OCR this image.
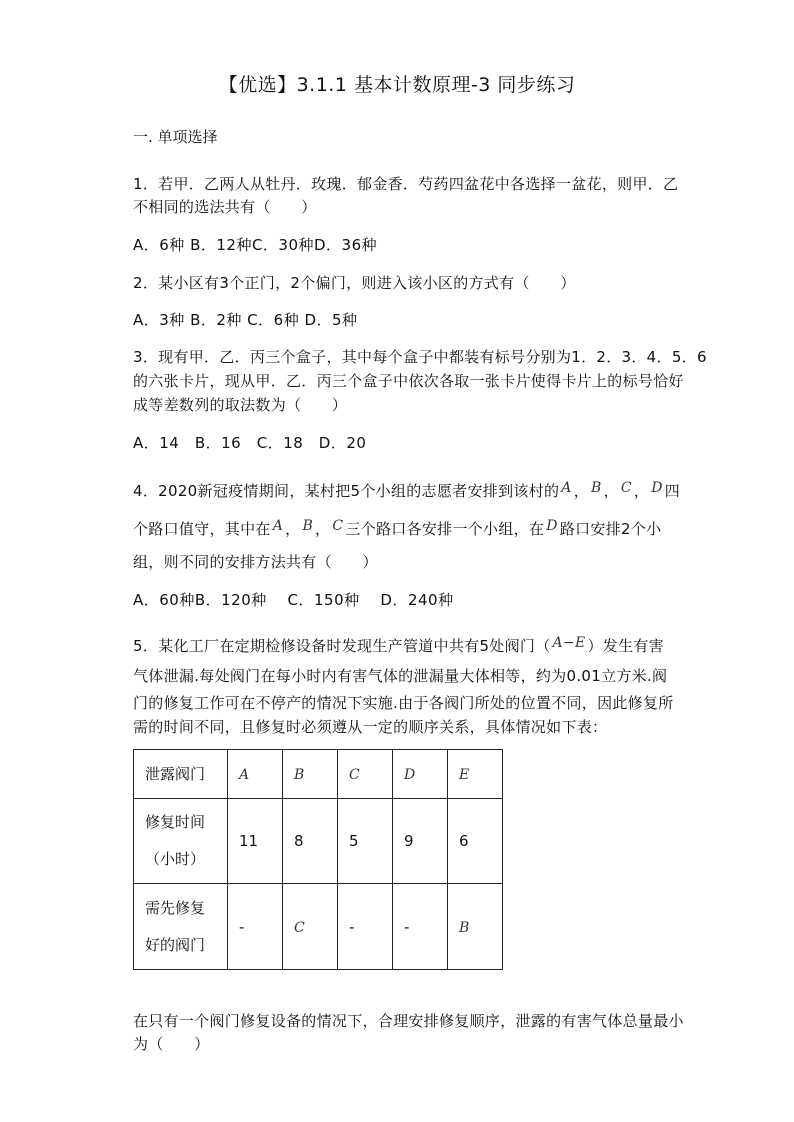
【优选】3.1.1 基本计数原理-3 同步练习
一. 单项选择
1．若甲．乙两人从牡丹．玫瑰．郁金香．芍药四盆花中各选择一盆花，则甲．乙
不相同的选法共有（　　）
A．6种 B．12种C．30种D．36种
2．某小区有3个正门，2个偏门，则进入该小区的方式有（　　）
A．3种 B．2种 C．6种 D．5种
3．现有甲．乙．丙三个盒子，其中每个盒子中都装有标号分别为1．2．3．4．5．6
的六张卡片，现从甲．乙．丙三个盒子中依次各取一张卡片使得卡片上的标号恰好
成等差数列的取法数为（　　）
A．14　B．16　C．18　D．20
4．2020新冠疫情期间，某村把5个小组的志愿者安排到该村的 A ， B ， C ， D 四
个路口值守，其中在 A ， B ， C 三个路口各安排一个小组，在 D 路口安排2个小
组，则不同的安排方法共有（　　）
A．60种B．120种　 C．150种　 D．240种
5．某化工厂在定期检修设备时发现生产管道中共有5处阀门（ A−E ）发生有害
气体泄漏.每处阀门在每小时内有害气体的泄漏量大体相等，约为0.01立方米.阀
门的修复工作可在不停产的情况下实施.由于各阀门所处的位置不同，因此修复所
需的时间不同，且修复时必须遵从一定的顺序关系，具体情况如下表：
泄露阀门	A	B	C	D	E

修复时间
（小时）	11	8	5	9	6

需先修复
好的阀门	-	C	-	-	B
在只有一个阀门修复设备的情况下，合理安排修复顺序，泄露的有害气体总量最小
为（　　）
